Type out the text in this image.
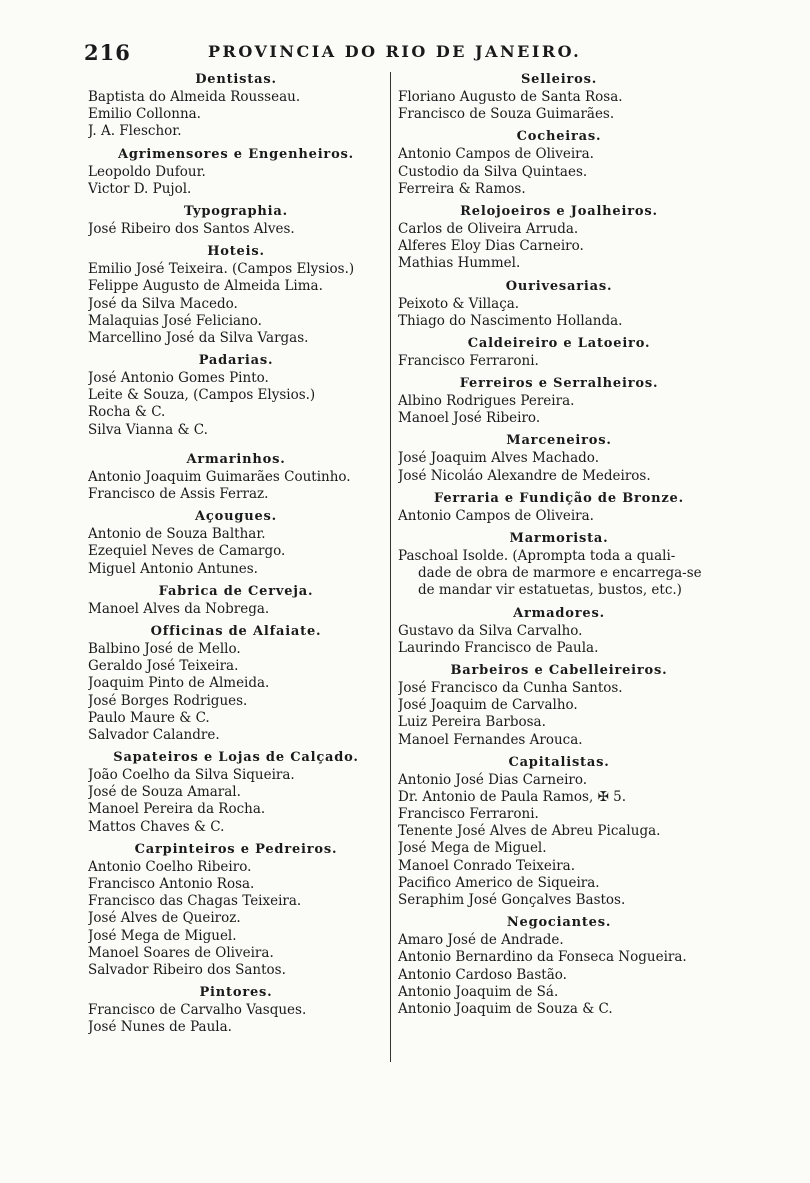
216	PROVINCIA DO RIO DE JANEIRO.
Dentistas.
Baptista do Almeida Rousseau.
Emilio Collonna.
J. A. Fleschor.
Agrimensores e Engenheiros.
Leopoldo Dufour.
Victor D. Pujol.
Typographia.
José Ribeiro dos Santos Alves.
Hoteis.
Emilio José Teixeira. (Campos Elysios.)
Felippe Augusto de Almeida Lima.
José da Silva Macedo.
Malaquias José Feliciano.
Marcellino José da Silva Vargas.
Padarias.
José Antonio Gomes Pinto.
Leite & Souza, (Campos Elysios.)
Rocha & C.
Silva Vianna & C.
Armarinhos.
Antonio Joaquim Guimarães Coutinho.
Francisco de Assis Ferraz.
Açougues.
Antonio de Souza Balthar.
Ezequiel Neves de Camargo.
Miguel Antonio Antunes.
Fabrica de Cerveja.
Manoel Alves da Nobrega.
Officinas de Alfaiate.
Balbino José de Mello.
Geraldo José Teixeira.
Joaquim Pinto de Almeida.
José Borges Rodrigues.
Paulo Maure & C.
Salvador Calandre.
Sapateiros e Lojas de Calçado.
João Coelho da Silva Siqueira.
José de Souza Amaral.
Manoel Pereira da Rocha.
Mattos Chaves & C.
Carpinteiros e Pedreiros.
Antonio Coelho Ribeiro.
Francisco Antonio Rosa.
Francisco das Chagas Teixeira.
José Alves de Queiroz.
José Mega de Miguel.
Manoel Soares de Oliveira.
Salvador Ribeiro dos Santos.
Pintores.
Francisco de Carvalho Vasques.
José Nunes de Paula.
Selleiros.
Floriano Augusto de Santa Rosa.
Francisco de Souza Guimarães.
Cocheiras.
Antonio Campos de Oliveira.
Custodio da Silva Quintaes.
Ferreira & Ramos.
Relojoeiros e Joalheiros.
Carlos de Oliveira Arruda.
Alferes Eloy Dias Carneiro.
Mathias Hummel.
Ourivesarias.
Peixoto & Villaça.
Thiago do Nascimento Hollanda.
Caldeireiro e Latoeiro.
Francisco Ferraroni.
Ferreiros e Serralheiros.
Albino Rodrigues Pereira.
Manoel José Ribeiro.
Marceneiros.
José Joaquim Alves Machado.
José Nicoláo Alexandre de Medeiros.
Ferraria e Fundição de Bronze.
Antonio Campos de Oliveira.
Marmorista.
Paschoal Isolde. (Apromptа toda a quali-
dade de obra de marmore e encarrega-se
de mandar vir estatuetas, bustos, etc.)
Armadores.
Gustavo da Silva Carvalho.
Laurindo Francisco de Paula.
Barbeiros e Cabelleireiros.
José Francisco da Cunha Santos.
José Joaquim de Carvalho.
Luiz Pereira Barbosa.
Manoel Fernandes Arouca.
Capitalistas.
Antonio José Dias Carneiro.
Dr. Antonio de Paula Ramos, ✠ 5.
Francisco Ferraroni.
Tenente José Alves de Abreu Picaluga.
José Mega de Miguel.
Manoel Conrado Teixeira.
Pacifico Americo de Siqueira.
Seraphim José Gonçalves Bastos.
Negociantes.
Amaro José de Andrade.
Antonio Bernardino da Fonseca Nogueira.
Antonio Cardoso Bastão.
Antonio Joaquim de Sá.
Antonio Joaquim de Souza & C.
